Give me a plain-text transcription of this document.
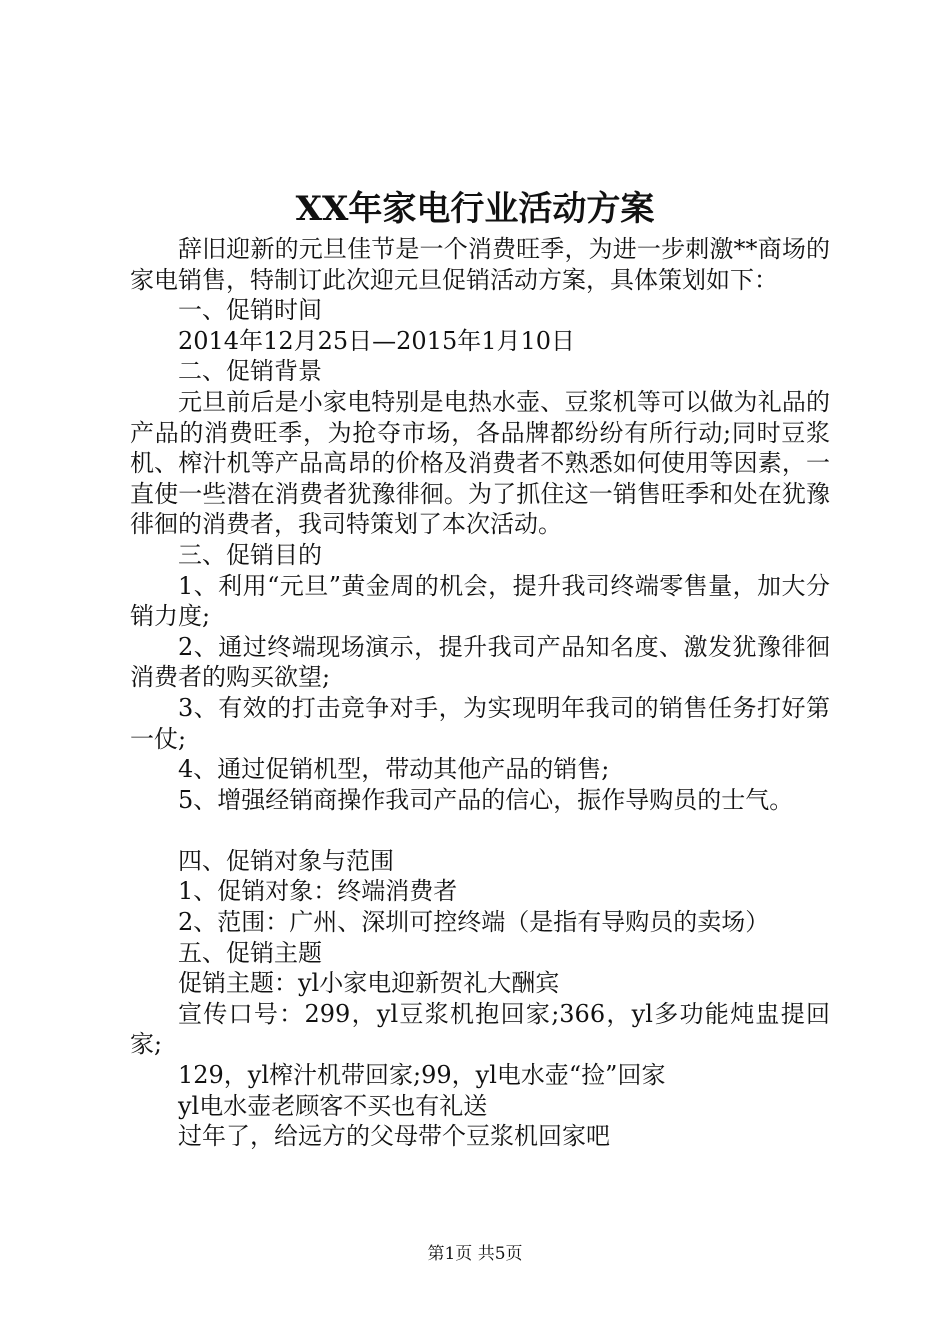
XX年家电行业活动方案

辞旧迎新的元旦佳节是一个消费旺季，为进一步刺激**商场的家电销售，特制订此次迎元旦促销活动方案，具体策划如下：

一、促销时间

2014年12月25日—2015年1月10日

二、促销背景

元旦前后是小家电特别是电热水壶、豆浆机等可以做为礼品的产品的消费旺季，为抢夺市场，各品牌都纷纷有所行动;同时豆浆机、榨汁机等产品高昂的价格及消费者不熟悉如何使用等因素，一直使一些潜在消费者犹豫徘徊。为了抓住这一销售旺季和处在犹豫徘徊的消费者，我司特策划了本次活动。

三、促销目的

1、利用“元旦”黄金周的机会，提升我司终端零售量，加大分销力度;

2、通过终端现场演示，提升我司产品知名度、激发犹豫徘徊消费者的购买欲望;

3、有效的打击竞争对手，为实现明年我司的销售任务打好第一仗;

4、通过促销机型，带动其他产品的销售;

5、增强经销商操作我司产品的信心，振作导购员的士气。

四、促销对象与范围

1、促销对象：终端消费者

2、范围：广州、深圳可控终端（是指有导购员的卖场）

五、促销主题

促销主题：yl小家电迎新贺礼大酬宾

宣传口号：299，yl豆浆机抱回家;366，yl多功能炖盅提回家;

129，yl榨汁机带回家;99，yl电水壶“捡”回家

yl电水壶老顾客不买也有礼送

过年了，给远方的父母带个豆浆机回家吧

第1页 共5页
